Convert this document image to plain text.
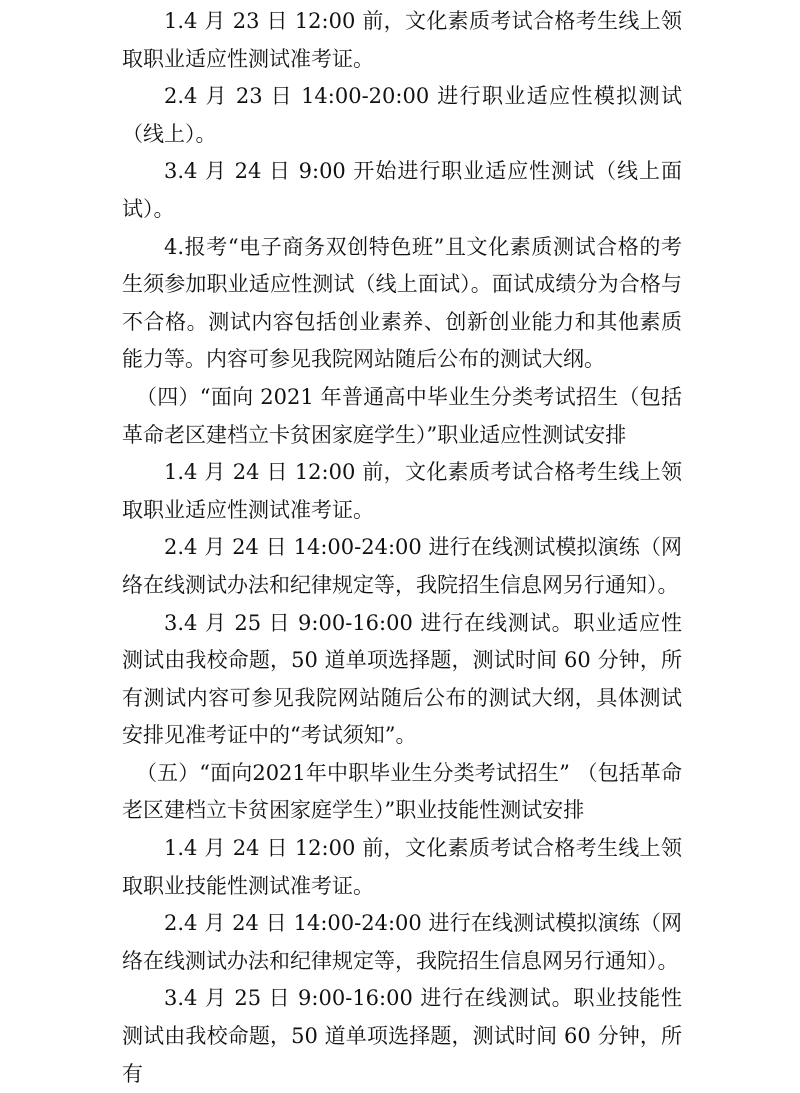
1.4 月 23 日 12:00 前，文化素质考试合格考生线上领取职业适应性测试准考证。

2.4 月 23 日 14:00-20:00 进行职业适应性模拟测试（线上）。

3.4 月 24 日 9:00 开始进行职业适应性测试（线上面试）。

4.报考“电子商务双创特色班”且文化素质测试合格的考生须参加职业适应性测试（线上面试）。面试成绩分为合格与不合格。测试内容包括创业素养、创新创业能力和其他素质能力等。内容可参见我院网站随后公布的测试大纲。

（四）“面向 2021 年普通高中毕业生分类考试招生（包括革命老区建档立卡贫困家庭学生）”职业适应性测试安排

1.4 月 24 日 12:00 前，文化素质考试合格考生线上领取职业适应性测试准考证。

2.4 月 24 日 14:00-24:00 进行在线测试模拟演练（网络在线测试办法和纪律规定等，我院招生信息网另行通知）。

3.4 月 25 日 9:00-16:00 进行在线测试。职业适应性测试由我校命题，50 道单项选择题，测试时间 60 分钟，所有测试内容可参见我院网站随后公布的测试大纲，具体测试安排见准考证中的“考试须知”。

（五）“面向2021年中职毕业生分类考试招生” （包括革命老区建档立卡贫困家庭学生）”职业技能性测试安排

1.4 月 24 日 12:00 前，文化素质考试合格考生线上领取职业技能性测试准考证。

2.4 月 24 日 14:00-24:00 进行在线测试模拟演练（网络在线测试办法和纪律规定等，我院招生信息网另行通知）。

3.4 月 25 日 9:00-16:00 进行在线测试。职业技能性测试由我校命题，50 道单项选择题，测试时间 60 分钟，所有
